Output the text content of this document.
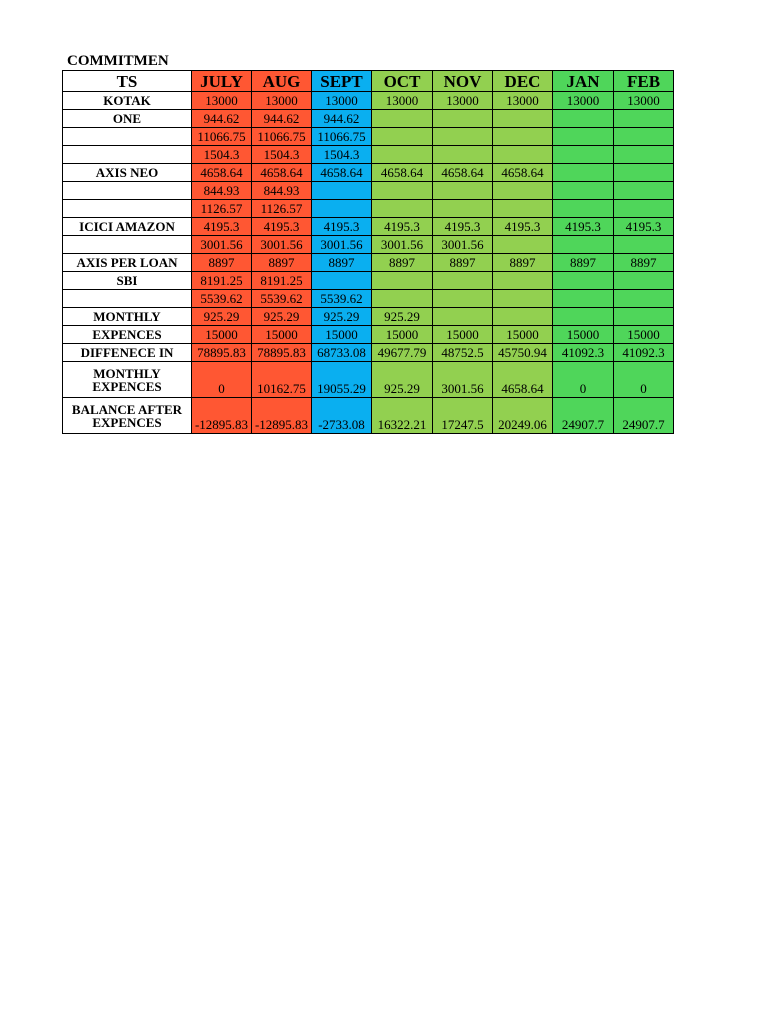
COMMITMEN
TS	JULY	AUG	SEPT	OCT	NOV	DEC	JAN	FEB
KOTAK	13000	13000	13000	13000	13000	13000	13000	13000
ONE	944.62	944.62	944.62					
	11066.75	11066.75	11066.75					
	1504.3	1504.3	1504.3					
AXIS NEO	4658.64	4658.64	4658.64	4658.64	4658.64	4658.64		
	844.93	844.93						
	1126.57	1126.57						
ICICI AMAZON	4195.3	4195.3	4195.3	4195.3	4195.3	4195.3	4195.3	4195.3
	3001.56	3001.56	3001.56	3001.56	3001.56			
AXIS PER LOAN	8897	8897	8897	8897	8897	8897	8897	8897
SBI	8191.25	8191.25						
	5539.62	5539.62	5539.62					
MONTHLY	925.29	925.29	925.29	925.29				
EXPENCES	15000	15000	15000	15000	15000	15000	15000	15000
DIFFENECE IN	78895.83	78895.83	68733.08	49677.79	48752.5	45750.94	41092.3	41092.3

MONTHLY
EXPENCES	0	10162.75	19055.29	925.29	3001.56	4658.64	0	0

BALANCE AFTER
EXPENCES	-12895.83	-12895.83	-2733.08	16322.21	17247.5	20249.06	24907.7	24907.7
